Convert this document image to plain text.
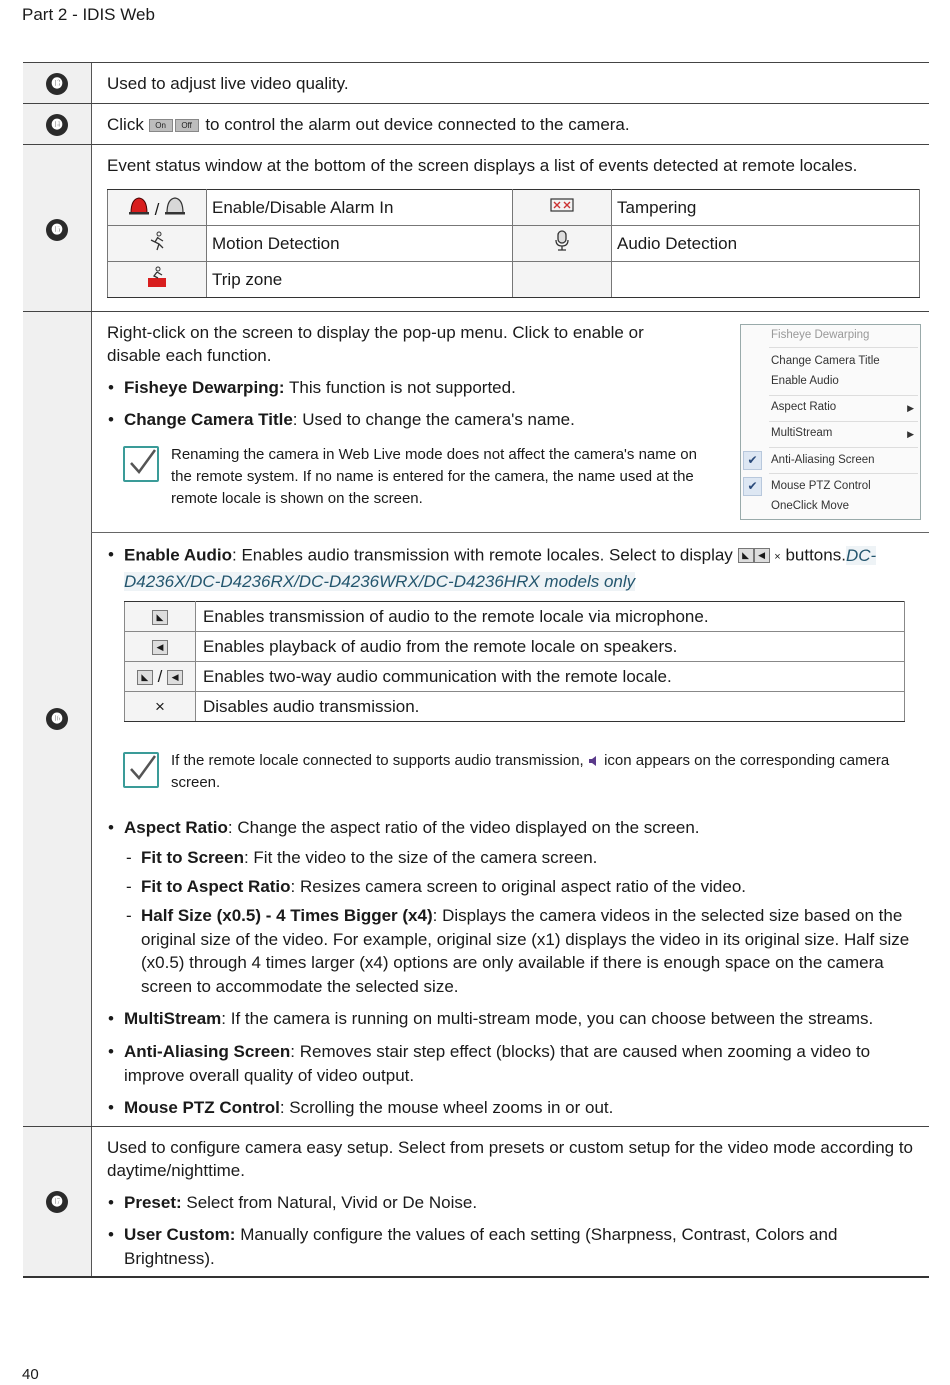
Part 2 - IDIS Web
⓭	Used to adjust live video quality.
⓮	Click On Off to control the alarm out device connected to the camera.
⓯
Event status window at the bottom of the screen displays a list of events detected at remote locales.
/	Enable/Disable Alarm In		Tampering
	Motion Detection		Audio Detection
	Trip zone		
⓰
Right-click on the screen to display the pop-up menu. Click to enable or disable each function.
• Fisheye Dewarping: This function is not supported.
• Change Camera Title: Used to change the camera's name.
Renaming the camera in Web Live mode does not affect the camera's name on the remote system. If no name is entered for the camera, the name used at the remote locale is shown on the screen.
Fisheye Dewarping
Change Camera Title
Enable Audio
Aspect Ratio	▶
MultiStream	▶
✔	Anti-Aliasing Screen
✔	Mouse PTZ Control
OneClick Move
• Enable Audio: Enables audio transmission with remote locales. Select to display ◣ ◀ × buttons.DC-D4236X/DC-D4236RX/DC-D4236WRX/DC-D4236HRX models only
◣	Enables transmission of audio to the remote locale via microphone.
◀	Enables playback of audio from the remote locale on speakers.
◣ / ◀	Enables two-way audio communication with the remote locale.
×	Disables audio transmission.
If the remote locale connected to supports audio transmission, icon appears on the corresponding camera screen.
• Aspect Ratio: Change the aspect ratio of the video displayed on the screen.
- Fit to Screen: Fit the video to the size of the camera screen.
- Fit to Aspect Ratio: Resizes camera screen to original aspect ratio of the video.
- Half Size (x0.5) - 4 Times Bigger (x4): Displays the camera videos in the selected size based on the original size of the video. For example, original size (x1) displays the video in its original size. Half size (x0.5) through 4 times larger (x4) options are only available if there is enough space on the camera screen to accommodate the selected size.
• MultiStream: If the camera is running on multi-stream mode, you can choose between the streams.
• Anti-Aliasing Screen: Removes stair step effect (blocks) that are caused when zooming a video to improve overall quality of video output.
• Mouse PTZ Control: Scrolling the mouse wheel zooms in or out.
⓱
Used to configure camera easy setup. Select from presets or custom setup for the video mode according to daytime/nighttime.
• Preset: Select from Natural, Vivid or De Noise.
• User Custom: Manually configure the values of each setting (Sharpness, Contrast, Colors and Brightness).
40
